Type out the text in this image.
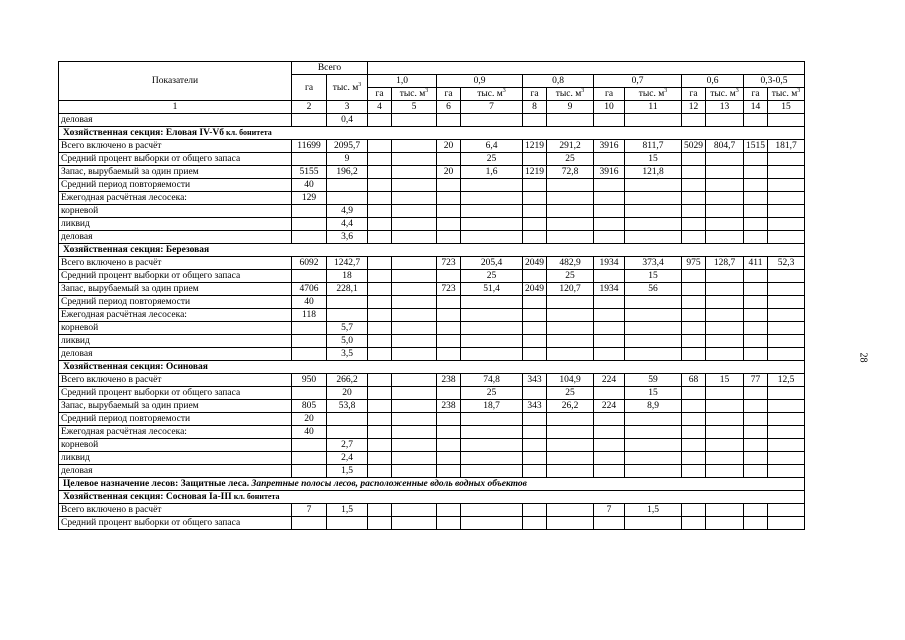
Показатели	Всего													
	га	тыс. $м^3$	1,0		0,9		0,8		0,7		0,6		0,3-0,5	
			га	тыс. $м^3$	га	тыс. $м^3$	га	тыс. $м^3$	га	тыс. $м^3$	га	тыс. $м^3$	га	тыс. $м^3$
1	2	3	4	5	6	7	8	9	10	11	12	13	14	15
деловая		0,4												
Хозяйственная секция: Еловая IV-Vб кл. бонитета														
Всего включено в расчёт	11699	2095,7			20	6,4	1219	291,2	3916	811,7	5029	804,7	1515	181,7
Средний процент выборки от общего запаса		9				25		25		15				
Запас, вырубаемый за один прием	5155	196,2			20	1,6	1219	72,8	3916	121,8				
Средний период повторяемости	40													
Ежегодная расчётная лесосека:	129													
корневой		4,9												
ликвид		4,4												
деловая		3,6												
Хозяйственная секция: Березовая														
Всего включено в расчёт	6092	1242,7			723	205,4	2049	482,9	1934	373,4	975	128,7	411	52,3
Средний процент выборки от общего запаса		18				25		25		15				
Запас, вырубаемый за один прием	4706	228,1			723	51,4	2049	120,7	1934	56				
Средний период повторяемости	40													
Ежегодная расчётная лесосека:	118													
корневой		5,7												
ликвид		5,0												
деловая		3,5												
Хозяйственная секция: Осиновая														
Всего включено в расчёт	950	266,2			238	74,8	343	104,9	224	59	68	15	77	12,5
Средний процент выборки от общего запаса		20				25		25		15				
Запас, вырубаемый за один прием	805	53,8			238	18,7	343	26,2	224	8,9				
Средний период повторяемости	20													
Ежегодная расчётная лесосека:	40													
корневой		2,7												
ликвид		2,4												
деловая		1,5												
Целевое назначение лесов: Защитные леса. Запретные полосы лесов, расположенные вдоль водных объектов														
Хозяйственная секция: Сосновая Ia-III кл. бонитета														
Всего включено в расчёт	7	1,5							7	1,5				
Средний процент выборки от общего запаса														
28
